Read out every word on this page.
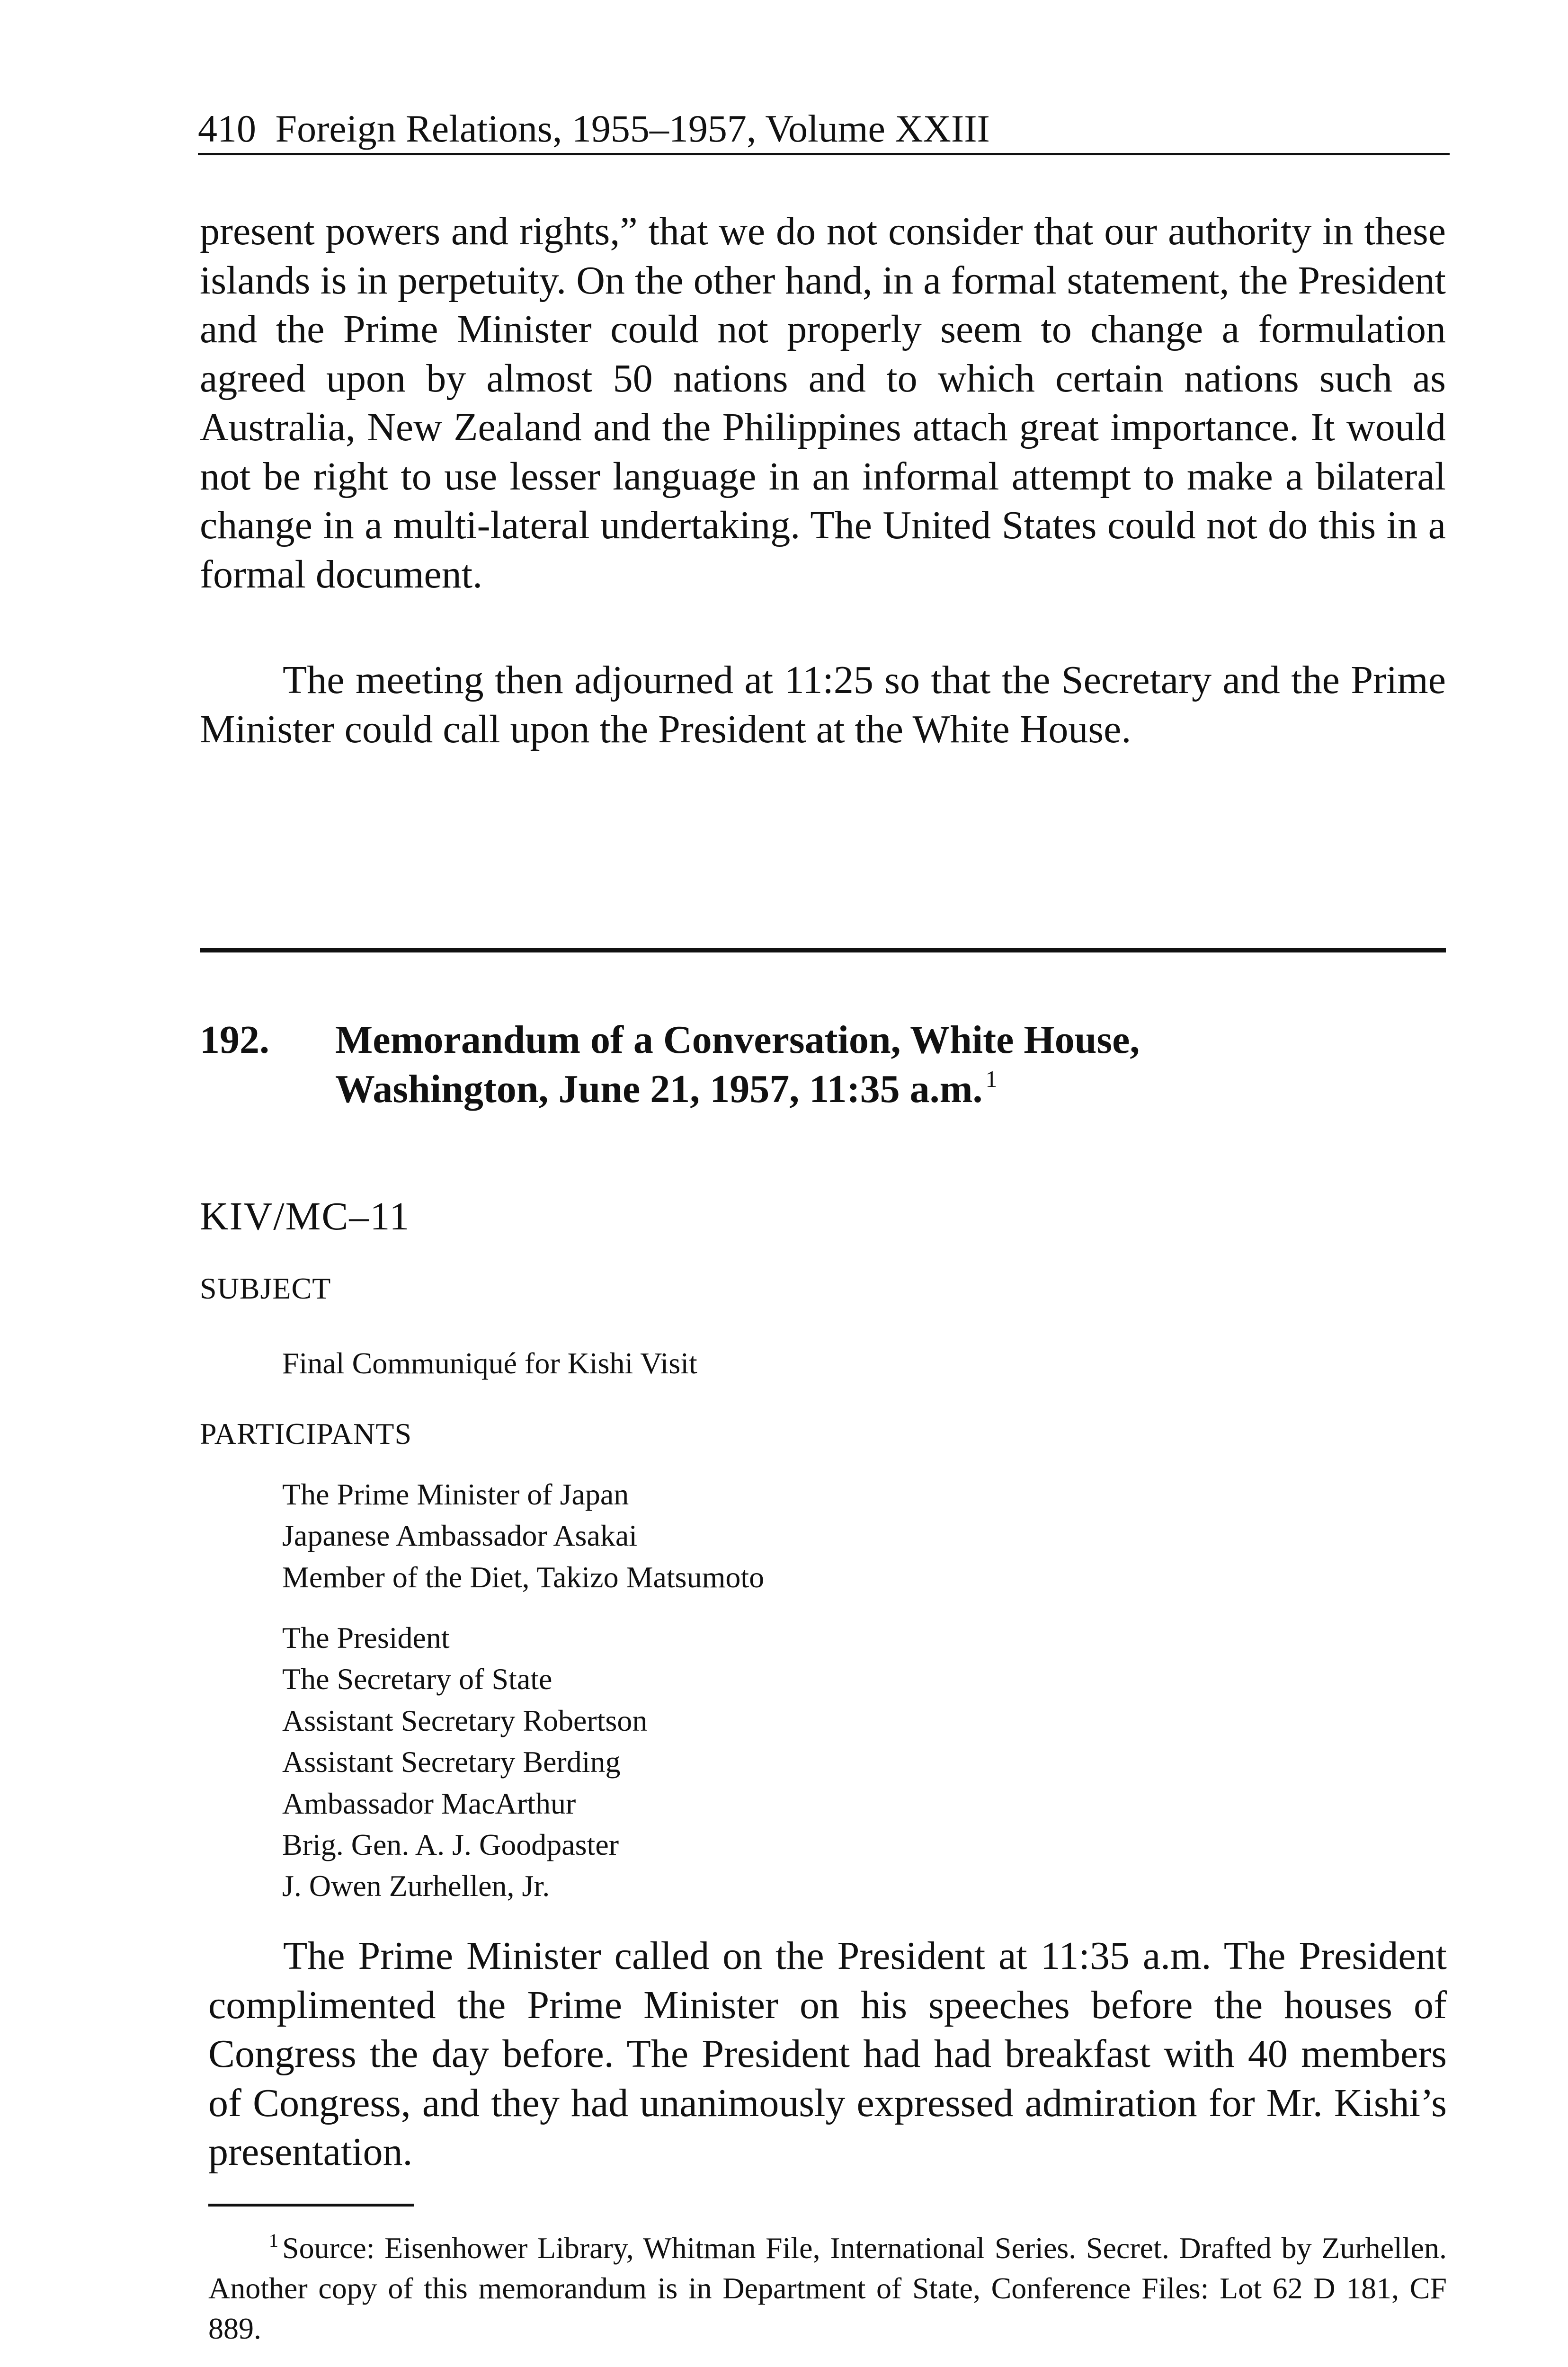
410 Foreign Relations, 1955–1957, Volume XXIII

present powers and rights,” that we do not consider that our authority in these islands is in perpetuity. On the other hand, in a formal statement, the President and the Prime Minister could not properly seem to change a formulation agreed upon by almost 50 nations and to which certain nations such as Australia, New Zealand and the Philippines attach great importance. It would not be right to use lesser language in an informal attempt to make a bilateral change in a multi-lateral undertaking. The United States could not do this in a formal document.

The meeting then adjourned at 11:25 so that the Secretary and the Prime Minister could call upon the President at the White House.

192. Memorandum of a Conversation, White House,
Washington, June 21, 1957, 11:35 a.m. $^1$
KIV/MC–11
SUBJECT
Final Communiqué for Kishi Visit
PARTICIPANTS
The Prime Minister of Japan
Japanese Ambassador Asakai
Member of the Diet, Takizo Matsumoto
The President
The Secretary of State
Assistant Secretary Robertson
Assistant Secretary Berding
Ambassador MacArthur
Brig. Gen. A. J. Goodpaster
J. Owen Zurhellen, Jr.

The Prime Minister called on the President at 11:35 a.m. The President complimented the Prime Minister on his speeches before the houses of Congress the day before. The President had had breakfast with 40 members of Congress, and they had unanimously expressed admiration for Mr. Kishi’s presentation.

$^1$ Source: Eisenhower Library, Whitman File, International Series. Secret. Drafted by Zurhellen. Another copy of this memorandum is in Department of State, Conference Files: Lot 62 D 181, CF 889.
